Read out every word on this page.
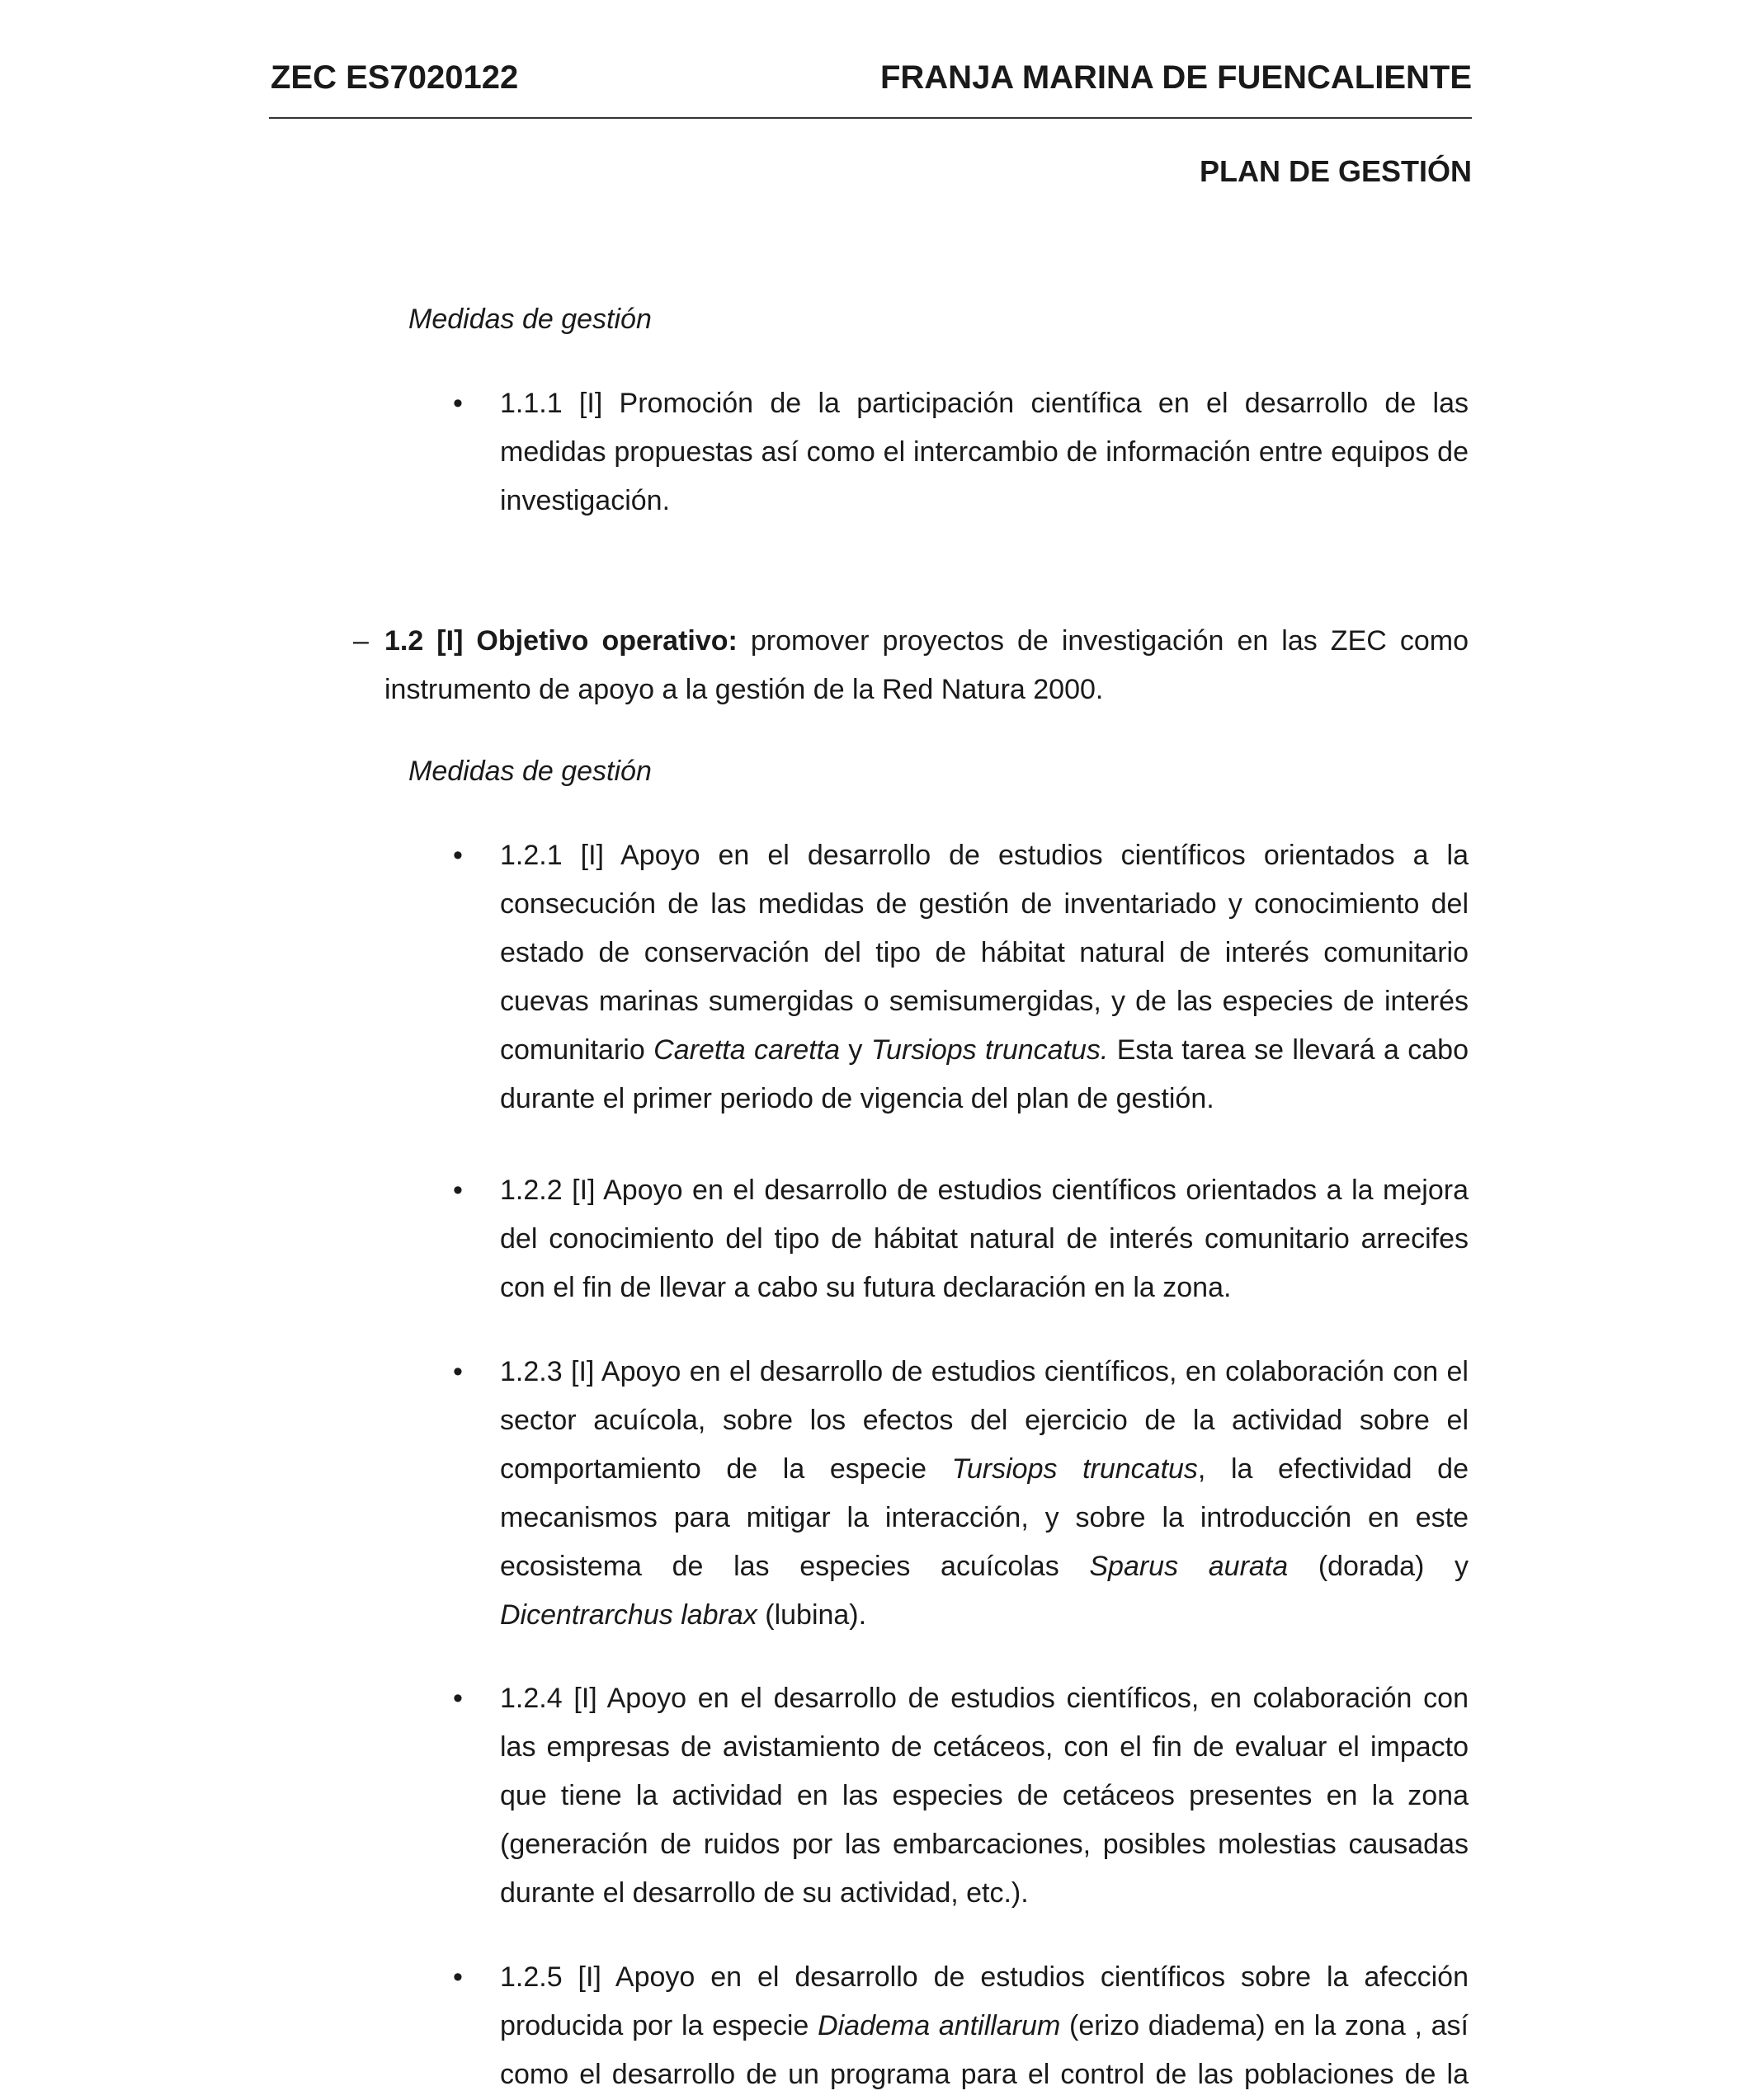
ZEC ES7020122	FRANJA MARINA DE FUENCALIENTE
PLAN DE GESTIÓN
Medidas de gestión
• 1.1.1 [I] Promoción de la participación científica en el desarrollo de las medidas propuestas así como el intercambio de información entre equipos de investigación.
– 1.2 [I] Objetivo operativo: promover proyectos de investigación en las ZEC como instrumento de apoyo a la gestión de la Red Natura 2000.
Medidas de gestión
• 1.2.1 [I] Apoyo en el desarrollo de estudios científicos orientados a la consecución de las medidas de gestión de inventariado y conocimiento del estado de conservación del tipo de hábitat natural de interés comunitario cuevas marinas sumergidas o semisumergidas, y de las especies de interés comunitario Caretta caretta y Tursiops truncatus. Esta tarea se llevará a cabo durante el primer periodo de vigencia del plan de gestión.
• 1.2.2 [I] Apoyo en el desarrollo de estudios científicos orientados a la mejora del conocimiento del tipo de hábitat natural de interés comunitario arrecifes con el fin de llevar a cabo su futura declaración en la zona.
• 1.2.3 [I] Apoyo en el desarrollo de estudios científicos, en colaboración con el sector acuícola, sobre los efectos del ejercicio de la actividad sobre el comportamiento de la especie Tursiops truncatus, la efectividad de mecanismos para mitigar la interacción, y sobre la introducción en este ecosistema de las especies acuícolas Sparus aurata (dorada) y Dicentrarchus labrax (lubina).
• 1.2.4 [I] Apoyo en el desarrollo de estudios científicos, en colaboración con las empresas de avistamiento de cetáceos, con el fin de evaluar el impacto que tiene la actividad en las especies de cetáceos presentes en la zona (generación de ruidos por las embarcaciones, posibles molestias causadas durante el desarrollo de su actividad, etc.).
• 1.2.5 [I] Apoyo en el desarrollo de estudios científicos sobre la afección producida por la especie Diadema antillarum (erizo diadema) en la zona , así como el desarrollo de un programa para el control de las poblaciones de la
